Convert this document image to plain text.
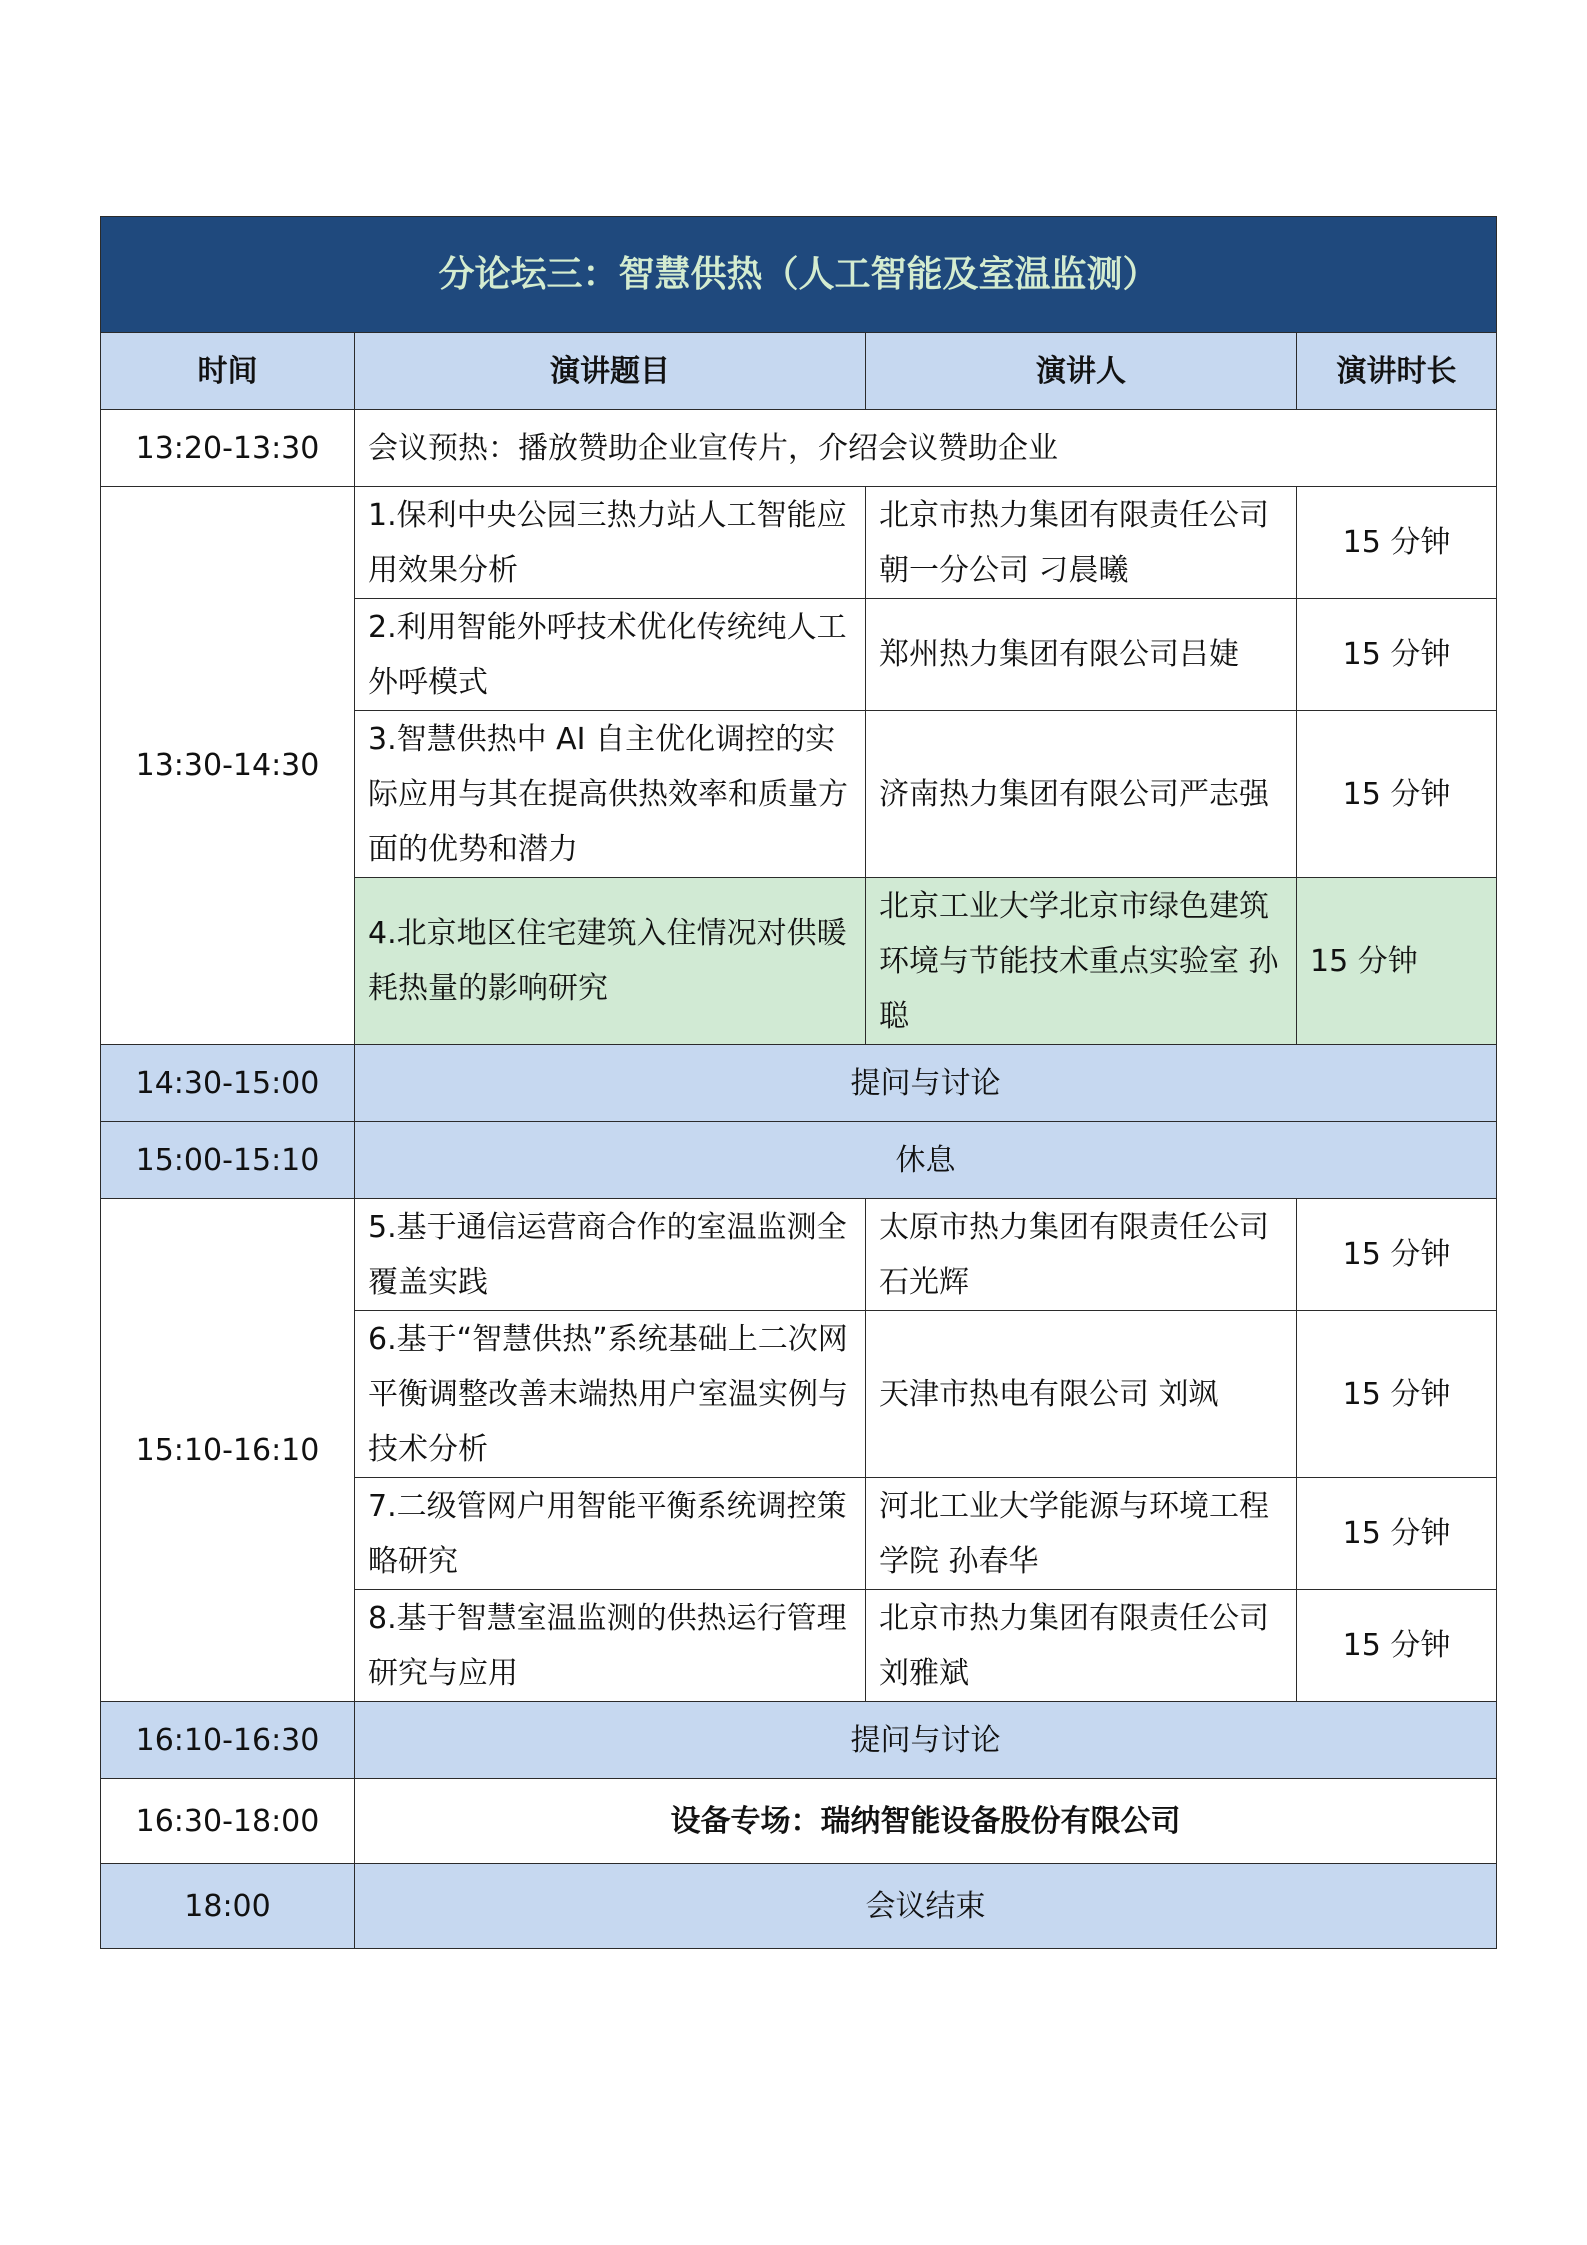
分论坛三：智慧供热（人工智能及室温监测）			
时间	演讲题目	演讲人	演讲时长
13:20-13:30	会议预热：播放赞助企业宣传片，介绍会议赞助企业		
13:30-14:30	1.保利中央公园三热力站人工智能应用效果分析	北京市热力集团有限责任公司朝一分公司 刁晨曦	15 分钟
	2.利用智能外呼技术优化传统纯人工外呼模式	郑州热力集团有限公司吕婕	15 分钟
	3.智慧供热中 AI 自主优化调控的实际应用与其在提高供热效率和质量方面的优势和潜力	济南热力集团有限公司严志强	15 分钟
	4.北京地区住宅建筑入住情况对供暖耗热量的影响研究	北京工业大学北京市绿色建筑环境与节能技术重点实验室 孙聪	15 分钟
14:30-15:00	提问与讨论		
15:00-15:10	休息		
15:10-16:10	5.基于通信运营商合作的室温监测全覆盖实践	太原市热力集团有限责任公司 石光辉	15 分钟
	6.基于“智慧供热”系统基础上二次网平衡调整改善末端热用户室温实例与技术分析	天津市热电有限公司 刘飒	15 分钟
	7.二级管网户用智能平衡系统调控策略研究	河北工业大学能源与环境工程学院 孙春华	15 分钟
	8.基于智慧室温监测的供热运行管理研究与应用	北京市热力集团有限责任公司 刘雅斌	15 分钟
16:10-16:30	提问与讨论		
16:30-18:00	设备专场：瑞纳智能设备股份有限公司		
18:00	会议结束		
